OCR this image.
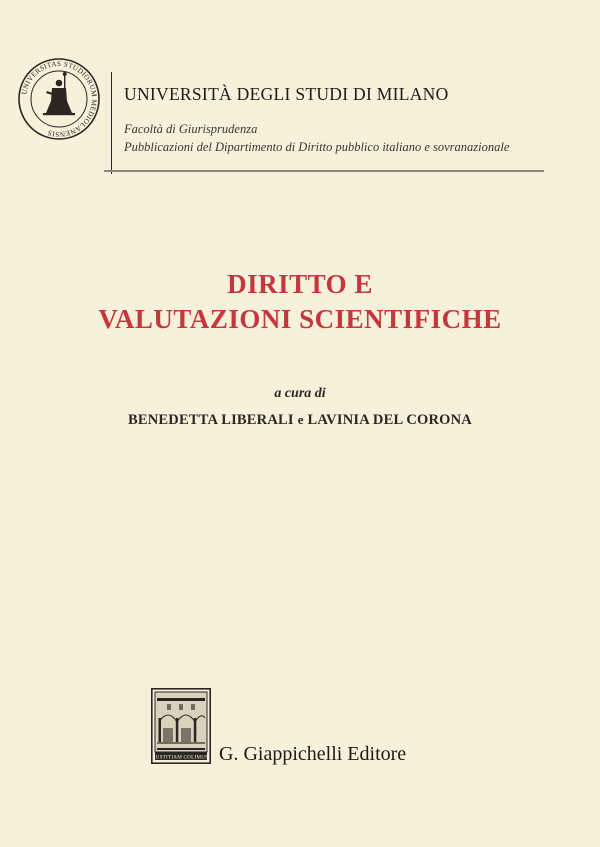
UNIVERSITAS STUDIORUM MEDIOLANENSIS
UNIVERSITÀ DEGLI STUDI DI MILANO
Facoltà di Giurisprudenza
Pubblicazioni del Dipartimento di Diritto pubblico italiano e sovranazionale
DIRITTO E
VALUTAZIONI SCIENTIFICHE
a cura di
BENEDETTA LIBERALI e LAVINIA DEL CORONA
IUSTITIAM COLIMUS G. Giappichelli Editore
